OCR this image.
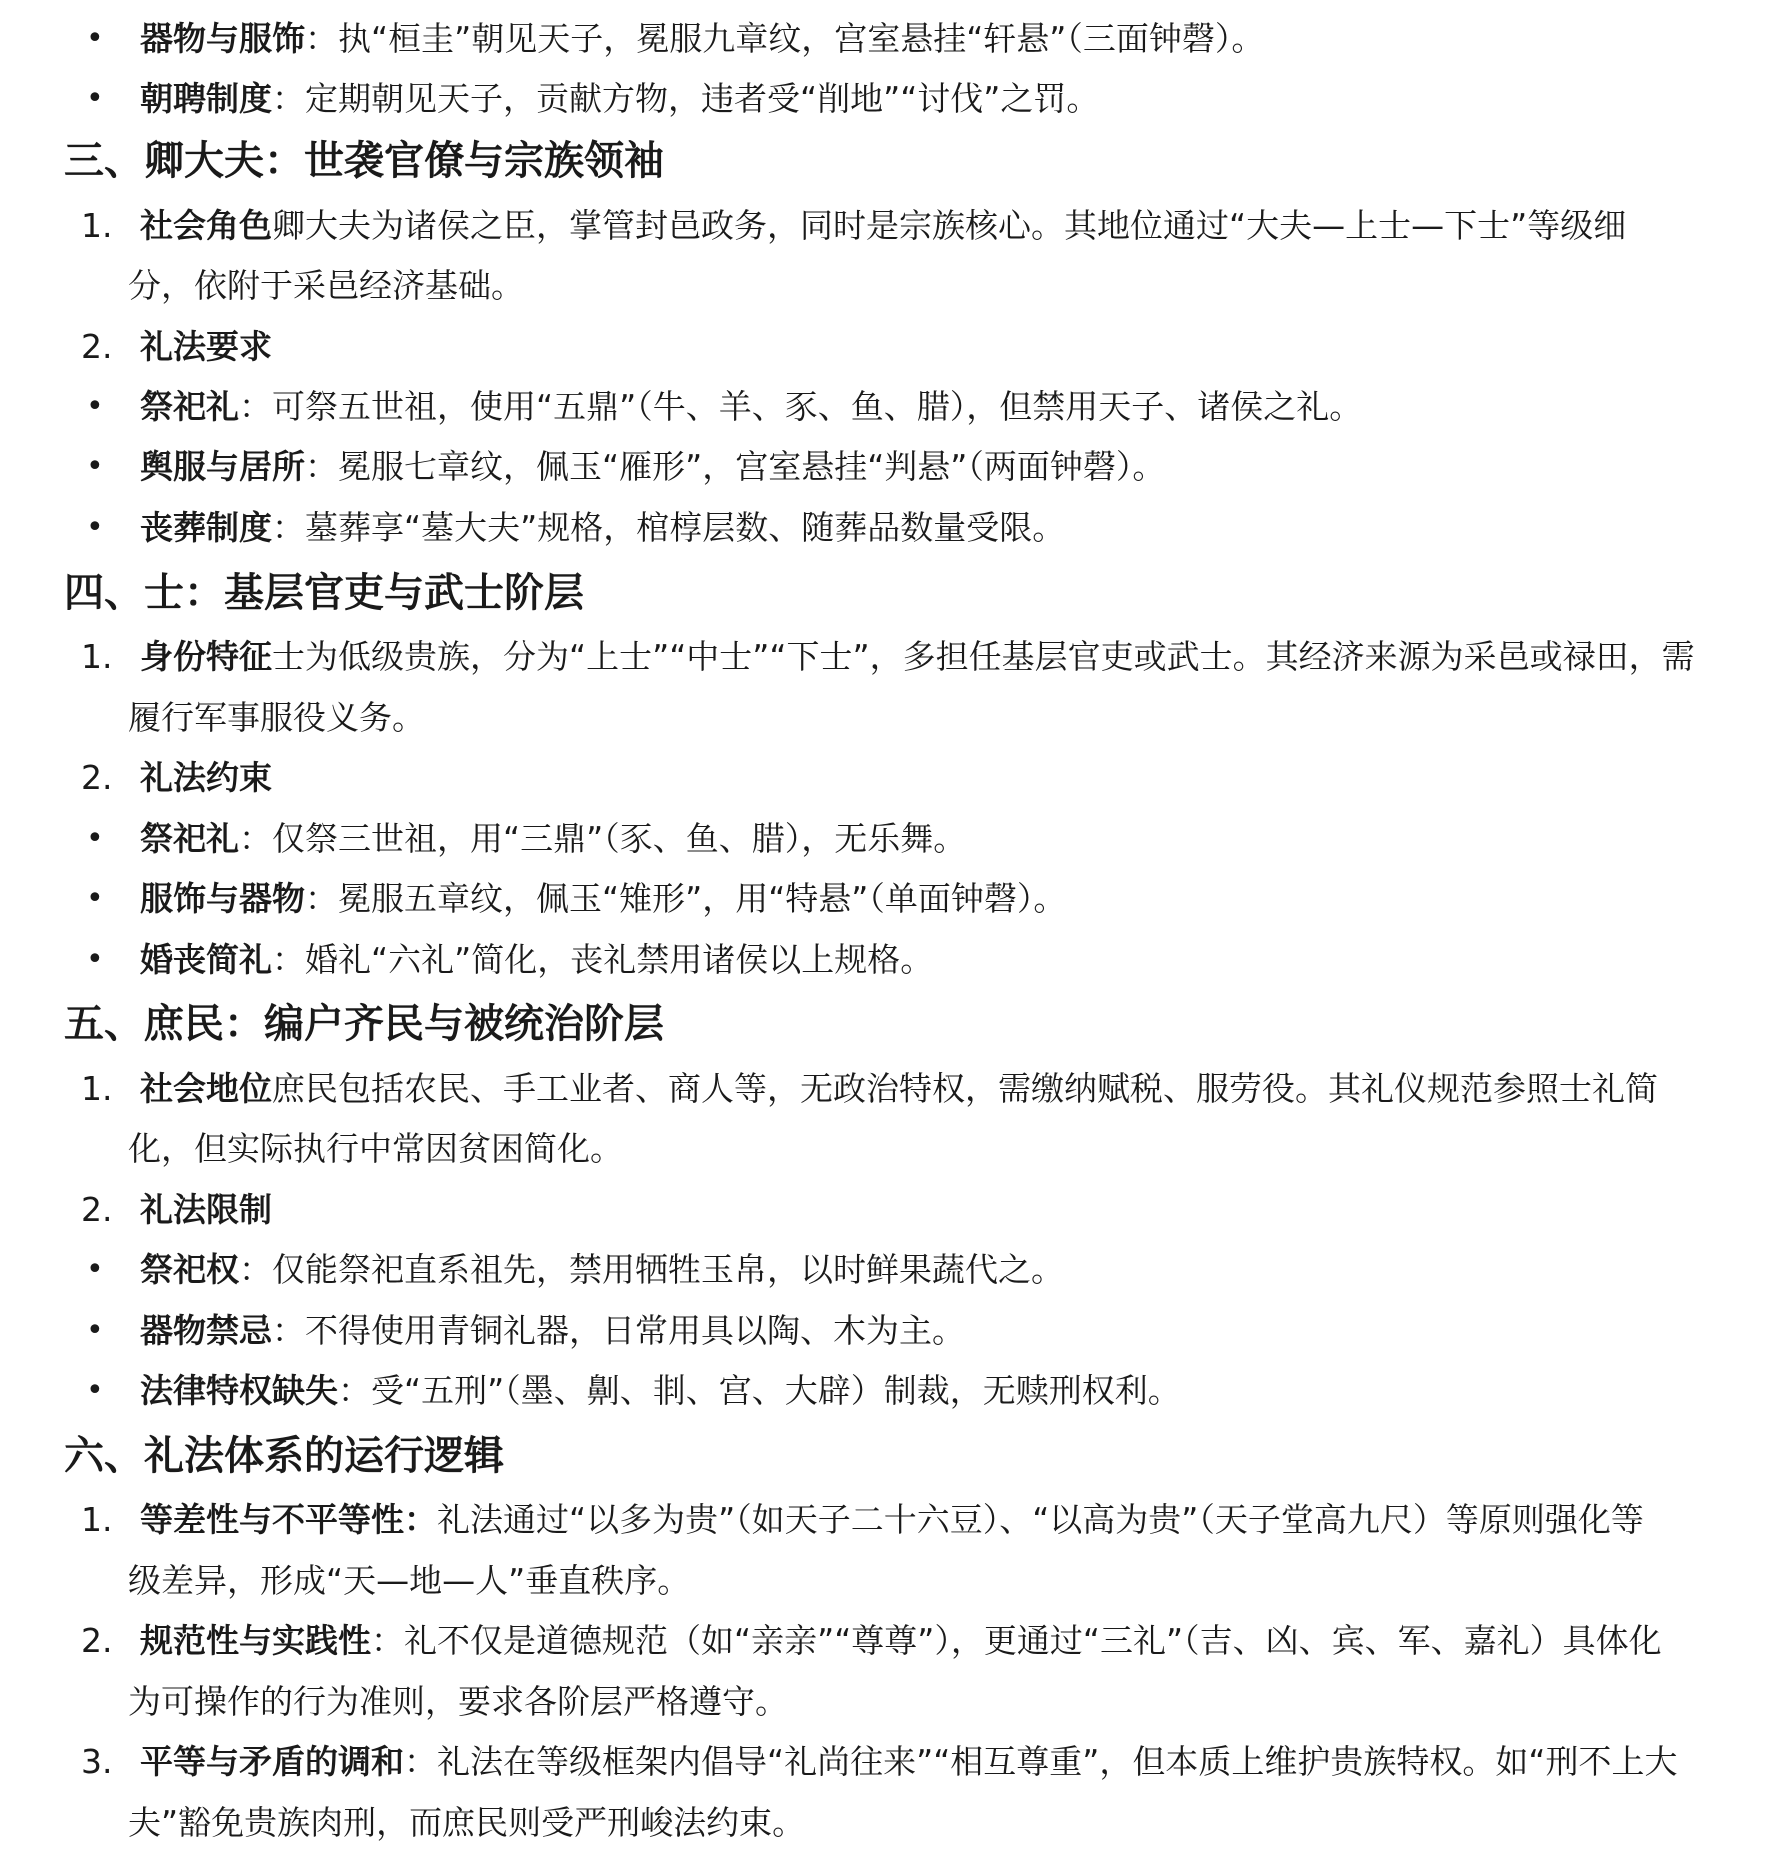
• 器物与服饰：执“桓圭”朝见天子，冕服九章纹，宫室悬挂“轩悬”（三面钟磬）。
• 朝聘制度：定期朝见天子，贡献方物，违者受“削地”“讨伐”之罚。
三、卿大夫：世袭官僚与宗族领袖
1. 社会角色卿大夫为诸侯之臣，掌管封邑政务，同时是宗族核心。其地位通过“大夫—上士—下士”等级细
分，依附于采邑经济基础。
2. 礼法要求
• 祭祀礼：可祭五世祖，使用“五鼎”（牛、羊、豕、鱼、腊），但禁用天子、诸侯之礼。
• 舆服与居所：冕服七章纹，佩玉“雁形”，宫室悬挂“判悬”（两面钟磬）。
• 丧葬制度：墓葬享“墓大夫”规格，棺椁层数、随葬品数量受限。
四、士：基层官吏与武士阶层
1. 身份特征士为低级贵族，分为“上士”“中士”“下士”，多担任基层官吏或武士。其经济来源为采邑或禄田，需
履行军事服役义务。
2. 礼法约束
• 祭祀礼：仅祭三世祖，用“三鼎”（豕、鱼、腊），无乐舞。
• 服饰与器物：冕服五章纹，佩玉“雉形”，用“特悬”（单面钟磬）。
• 婚丧简礼：婚礼“六礼”简化，丧礼禁用诸侯以上规格。
五、庶民：编户齐民与被统治阶层
1. 社会地位庶民包括农民、手工业者、商人等，无政治特权，需缴纳赋税、服劳役。其礼仪规范参照士礼简
化，但实际执行中常因贫困简化。
2. 礼法限制
• 祭祀权：仅能祭祀直系祖先，禁用牺牲玉帛，以时鲜果蔬代之。
• 器物禁忌：不得使用青铜礼器，日常用具以陶、木为主。
• 法律特权缺失：受“五刑”（墨、劓、剕、宫、大辟）制裁，无赎刑权利。
六、礼法体系的运行逻辑
1. 等差性与不平等性：礼法通过“以多为贵”（如天子二十六豆）、“以高为贵”（天子堂高九尺）等原则强化等
级差异，形成“天—地—人”垂直秩序。
2. 规范性与实践性：礼不仅是道德规范（如“亲亲”“尊尊”），更通过“三礼”（吉、凶、宾、军、嘉礼）具体化
为可操作的行为准则，要求各阶层严格遵守。
3. 平等与矛盾的调和：礼法在等级框架内倡导“礼尚往来”“相互尊重”，但本质上维护贵族特权。如“刑不上大
夫”豁免贵族肉刑，而庶民则受严刑峻法约束。
